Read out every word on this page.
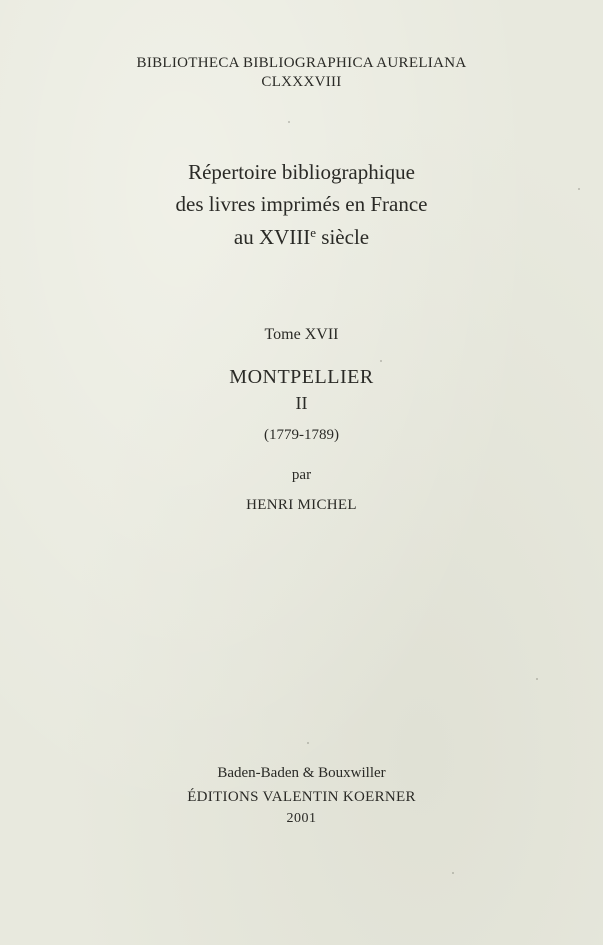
BIBLIOTHECA BIBLIOGRAPHICA AURELIANA
CLXXXVIII
Répertoire bibliographique
des livres imprimés en France
au XVIIIe siècle
Tome XVII
MONTPELLIER
II
(1779-1789)
par
HENRI MICHEL
Baden-Baden & Bouxwiller
ÉDITIONS VALENTIN KOERNER
2001
